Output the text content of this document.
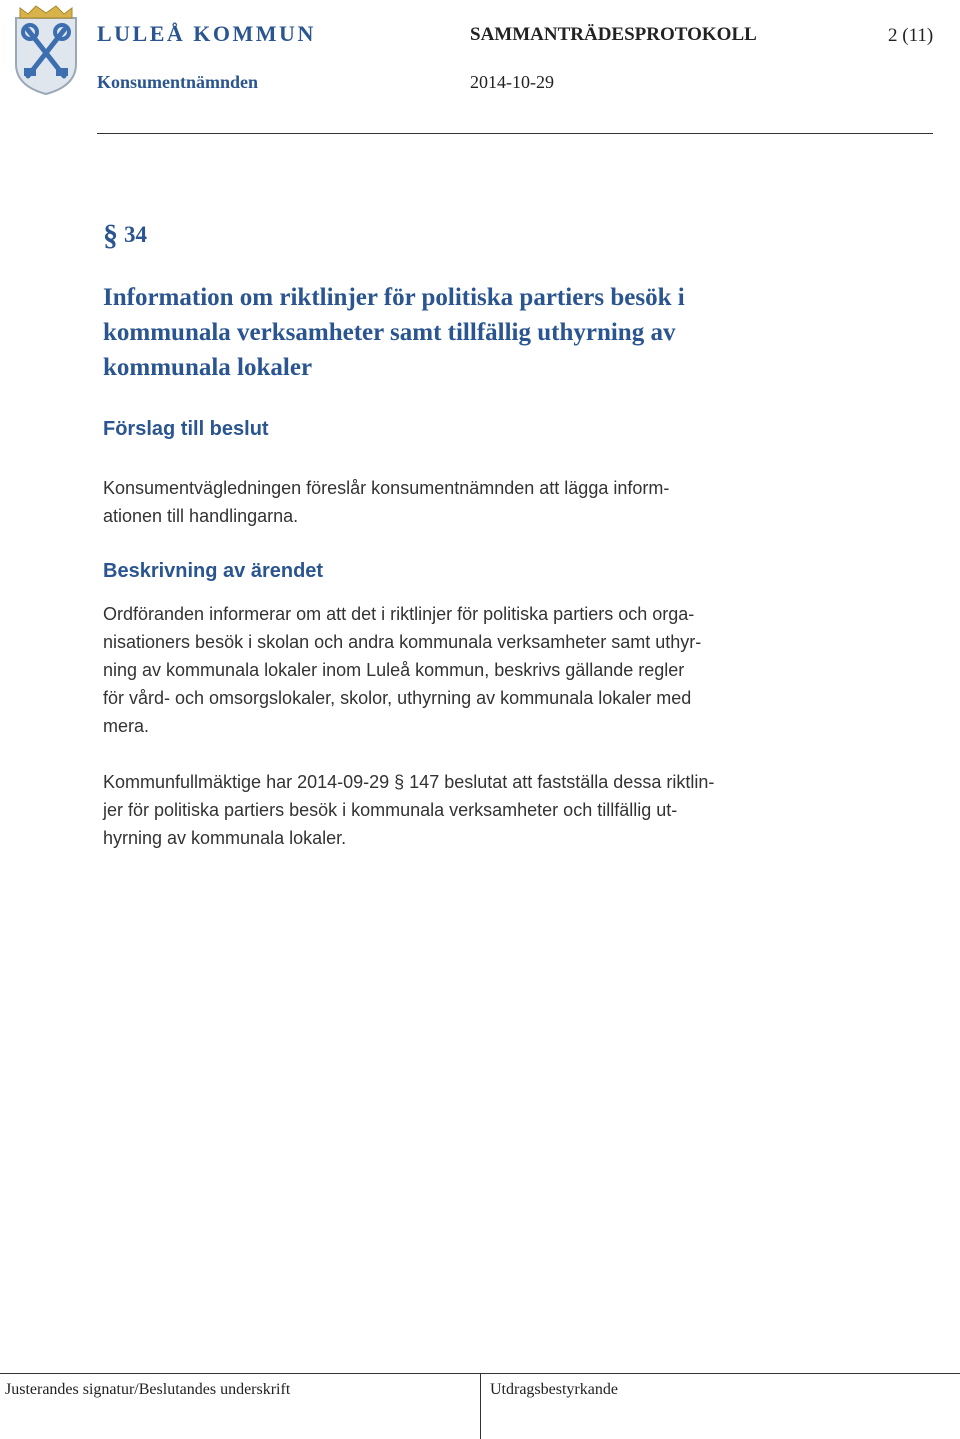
LULEÅ KOMMUN	SAMMANTRÄDESPROTOKOLL	2 (11)
Konsumentnämnden	2014-10-29
§ 34
Information om riktlinjer för politiska partiers besök i
kommunala verksamheter samt tillfällig uthyrning av
kommunala lokaler
Förslag till beslut
Konsumentvägledningen föreslår konsumentnämnden att lägga inform-
ationen till handlingarna.
Beskrivning av ärendet
Ordföranden informerar om att det i riktlinjer för politiska partiers och orga-
nisationers besök i skolan och andra kommunala verksamheter samt uthyr-
ning av kommunala lokaler inom Luleå kommun, beskrivs gällande regler
för vård- och omsorgslokaler, skolor, uthyrning av kommunala lokaler med
mera.
Kommunfullmäktige har 2014-09-29 § 147 beslutat att fastställa dessa riktlin-
jer för politiska partiers besök i kommunala verksamheter och tillfällig ut-
hyrning av kommunala lokaler.
Justerandes signatur/Beslutandes underskrift	Utdragsbestyrkande
